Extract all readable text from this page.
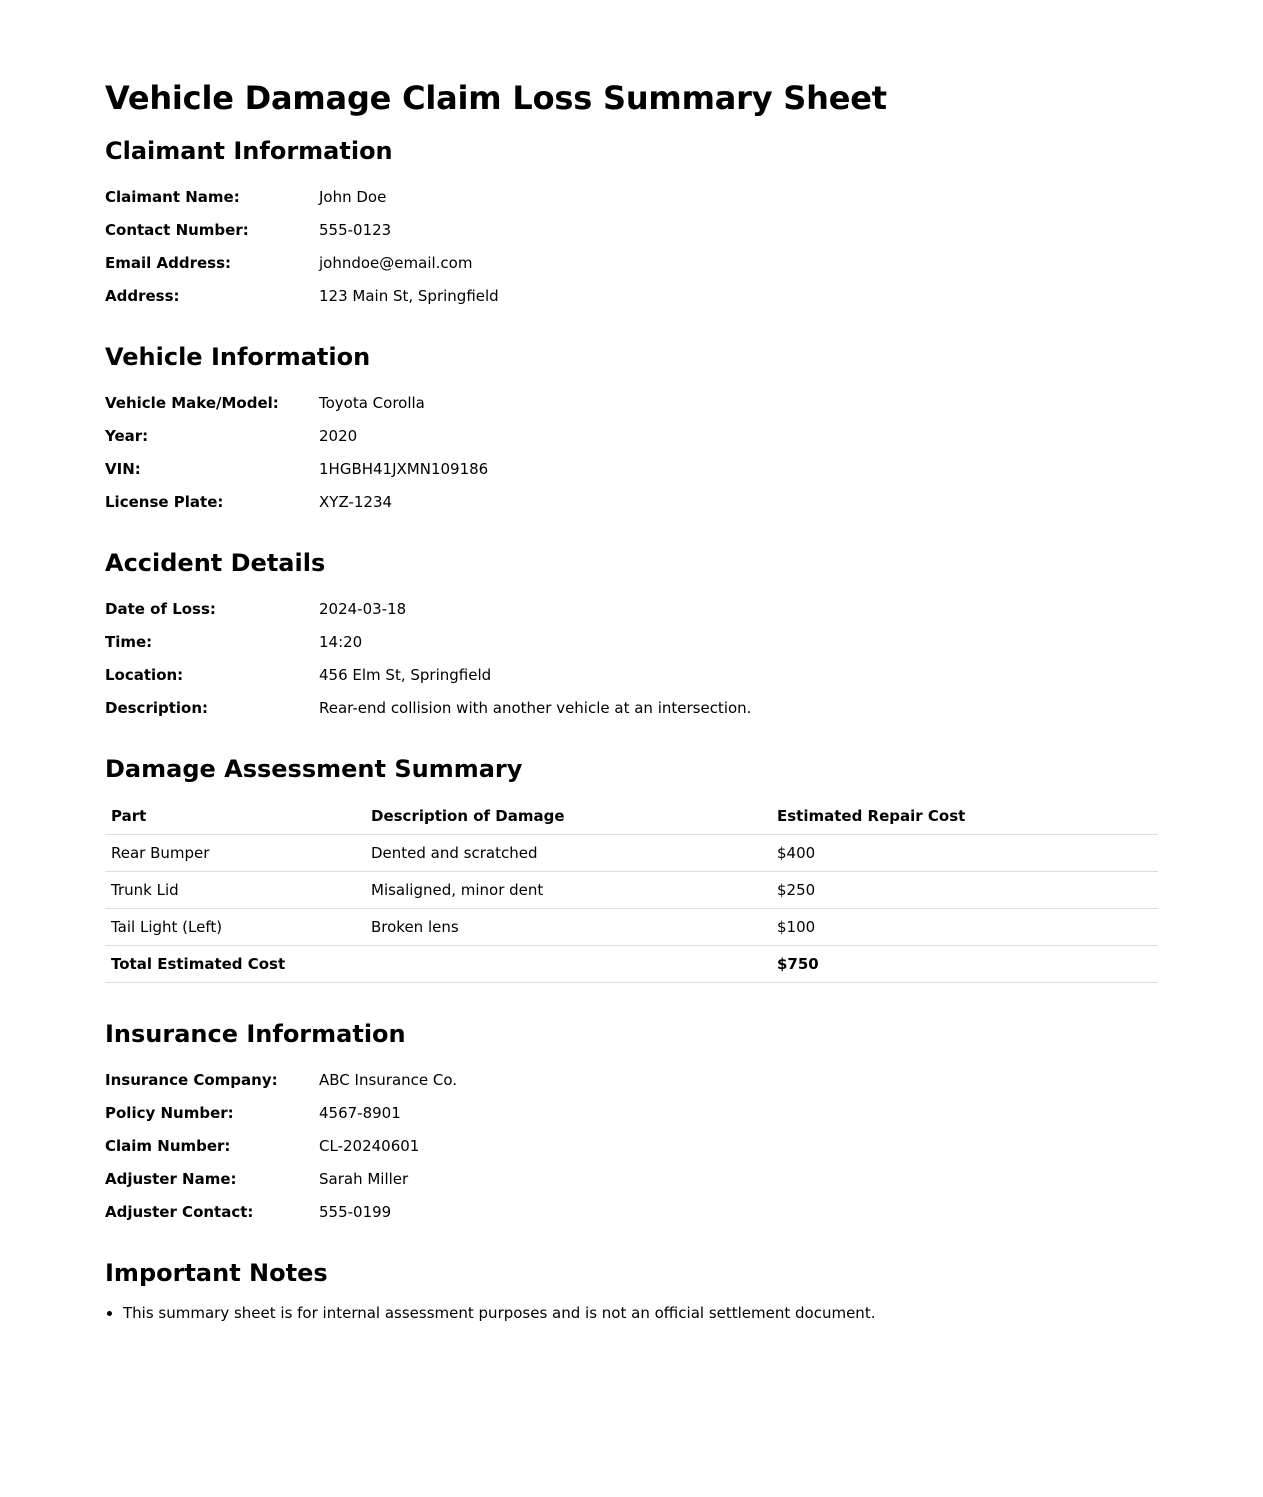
Vehicle Damage Claim Loss Summary Sheet
Claimant Information
Claimant Name:	John Doe
Contact Number:	555-0123
Email Address:	johndoe@email.com
Address:	123 Main St, Springfield
Vehicle Information
Vehicle Make/Model:	Toyota Corolla
Year:	2020
VIN:	1HGBH41JXMN109186
License Plate:	XYZ-1234
Accident Details
Date of Loss:	2024-03-18
Time:	14:20
Location:	456 Elm St, Springfield
Description:	Rear-end collision with another vehicle at an intersection.
Damage Assessment Summary
Part	Description of Damage	Estimated Repair Cost
Rear Bumper	Dented and scratched	$400
Trunk Lid	Misaligned, minor dent	$250
Tail Light (Left)	Broken lens	$100
Total Estimated Cost		$750
Insurance Information
Insurance Company:	ABC Insurance Co.
Policy Number:	4567-8901
Claim Number:	CL-20240601
Adjuster Name:	Sarah Miller
Adjuster Contact:	555-0199
Important Notes
• This summary sheet is for internal assessment purposes and is not an official settlement document.
